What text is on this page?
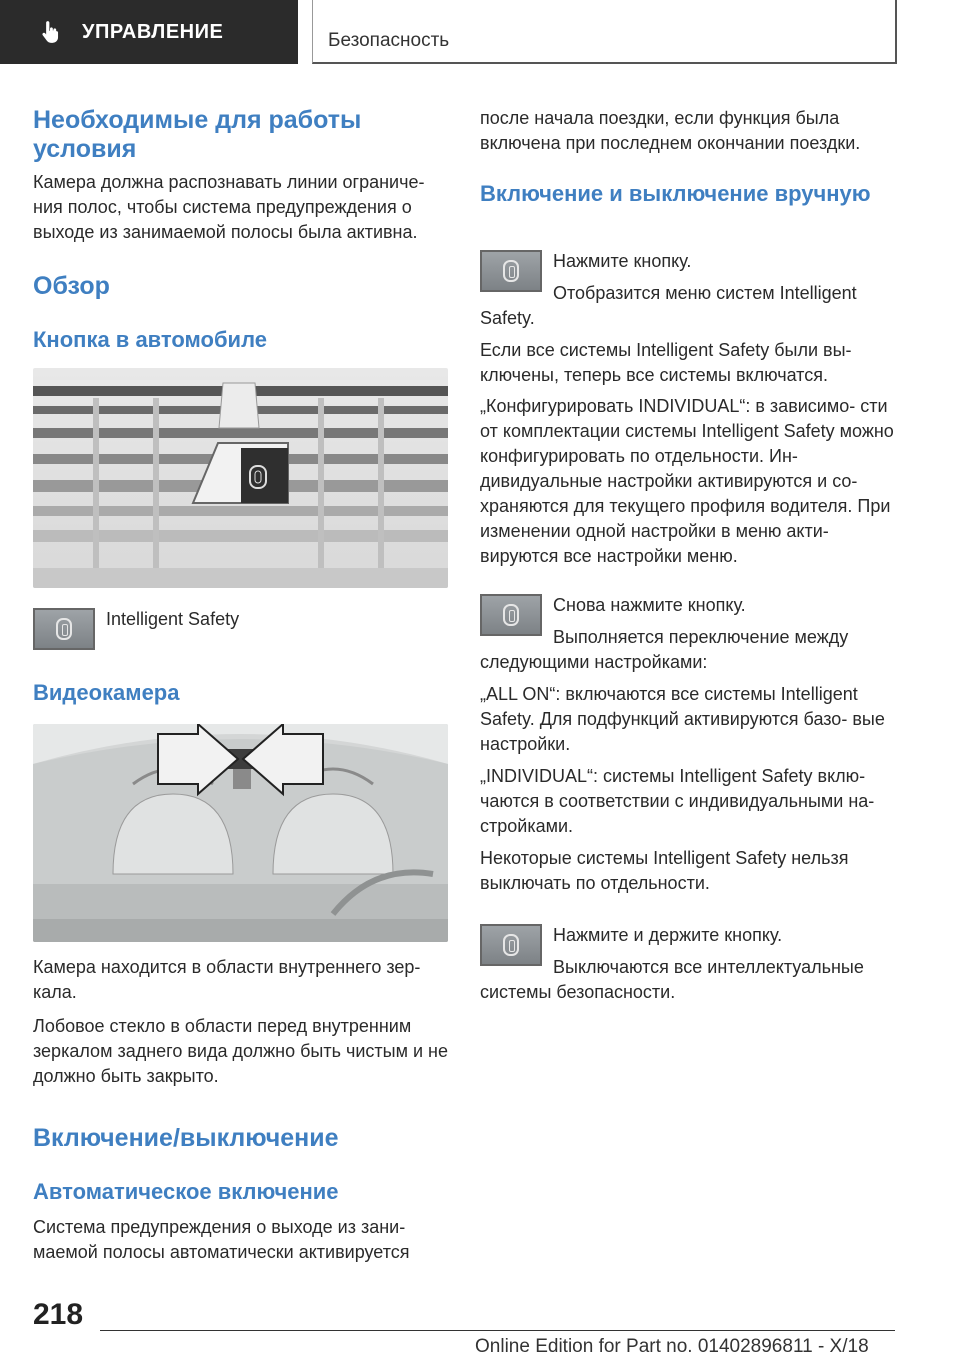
УПРАВЛЕНИЕ	Безопасность
Необходимые для работы условия

Камера должна распознавать линии ограниче- ния полос, чтобы система предупреждения о выходе из занимаемой полосы была активна.

Обзор
Кнопка в автомобиле

Intelligent Safety

Видеокамера

Камера находится в области внутреннего зер- кала.

Лобовое стекло в области перед внутренним зеркалом заднего вида должно быть чистым и не должно быть закрыто.

Включение/выключение
Автоматическое включение

Система предупреждения о выходе из зани- маемой полосы автоматически активируется

после начала поездки, если функция была включена при последнем окончании поездки.

Включение и выключение вручную

Нажмите кнопку.

Отобразится меню систем Intelligent Safety.

Если все системы Intelligent Safety были вы- ключены, теперь все системы включатся.

„Конфигурировать INDIVIDUAL“: в зависимо- сти от комплектации системы Intelligent Safety можно конфигурировать по отдельности. Ин- дивидуальные настройки активируются и со- храняются для текущего профиля водителя. При изменении одной настройки в меню акти- вируются все настройки меню.

Снова нажмите кнопку.

Выполняется переключение между следующими настройками:

„ALL ON“: включаются все системы Intelligent Safety. Для подфункций активируются базо- вые настройки.

„INDIVIDUAL“: системы Intelligent Safety вклю- чаются в соответствии с индивидуальными на- стройками.

Некоторые системы Intelligent Safety нельзя выключать по отдельности.

Нажмите и держите кнопку.

Выключаются все интеллектуальные системы безопасности.

218
Online Edition for Part no. 01402896811 - X/18
